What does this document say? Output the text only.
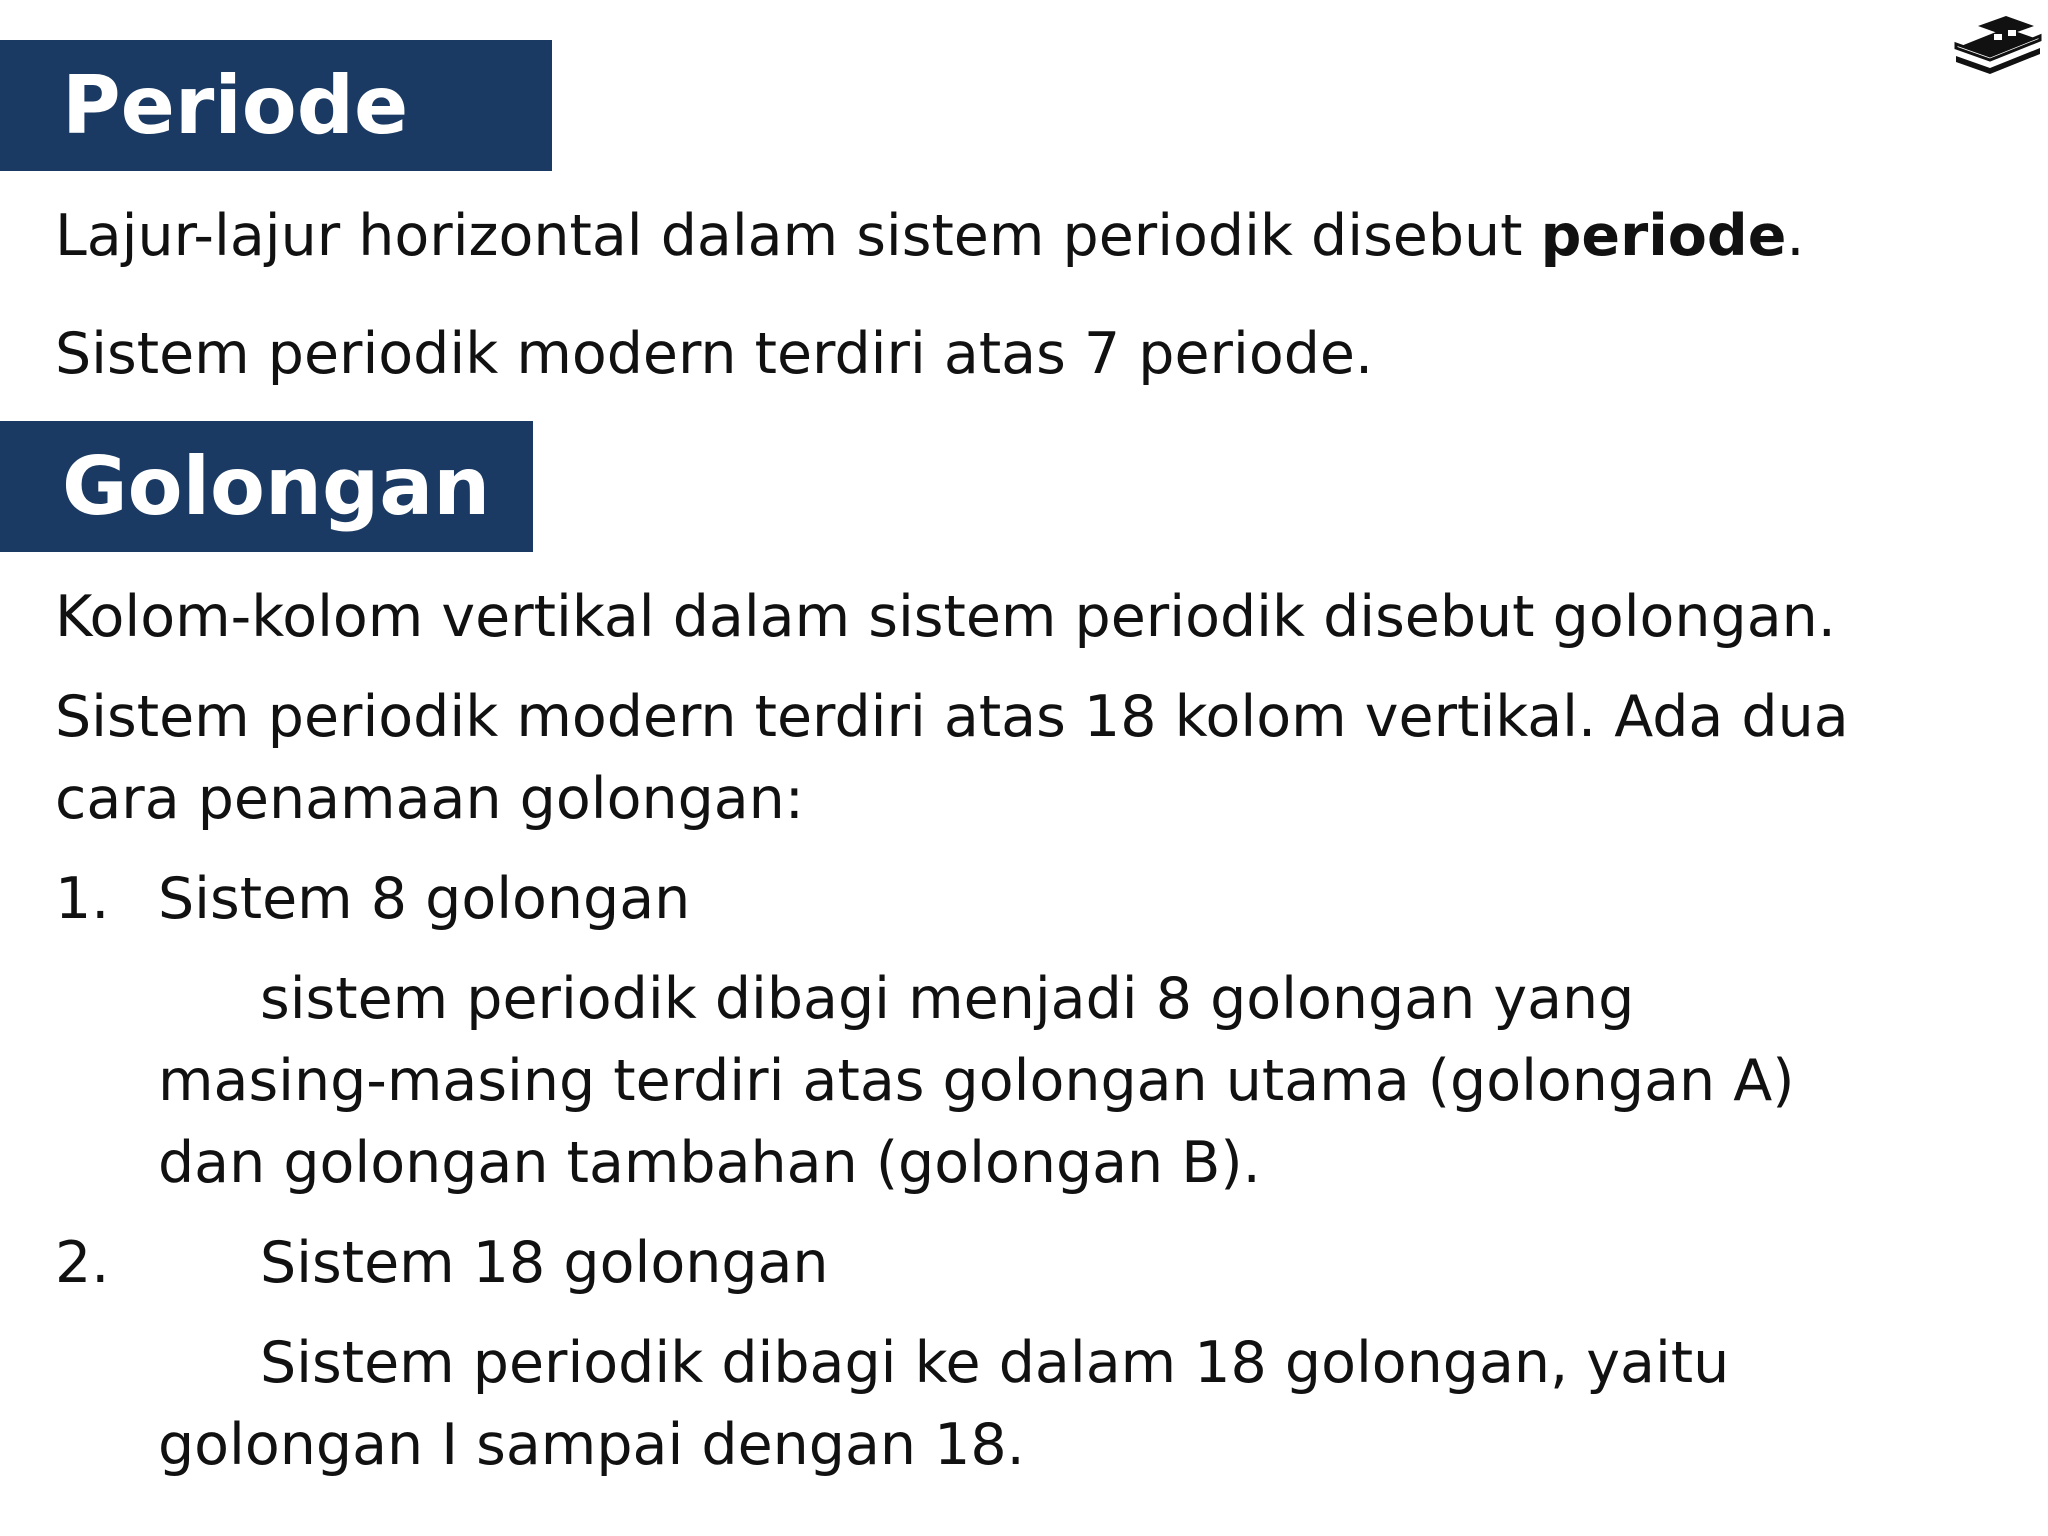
Periode
Lajur-lajur horizontal dalam sistem periodik disebut periode.
Sistem periodik modern terdiri atas 7 periode.
Golongan
Kolom-kolom vertikal dalam sistem periodik disebut golongan.
Sistem periodik modern terdiri atas 18 kolom vertikal. Ada dua
cara penamaan golongan:
1. Sistem 8 golongan
sistem periodik dibagi menjadi 8 golongan yang
masing-masing terdiri atas golongan utama (golongan A)
dan golongan tambahan (golongan B).
2.	Sistem 18 golongan
Sistem periodik dibagi ke dalam 18 golongan, yaitu
golongan I sampai dengan 18.
